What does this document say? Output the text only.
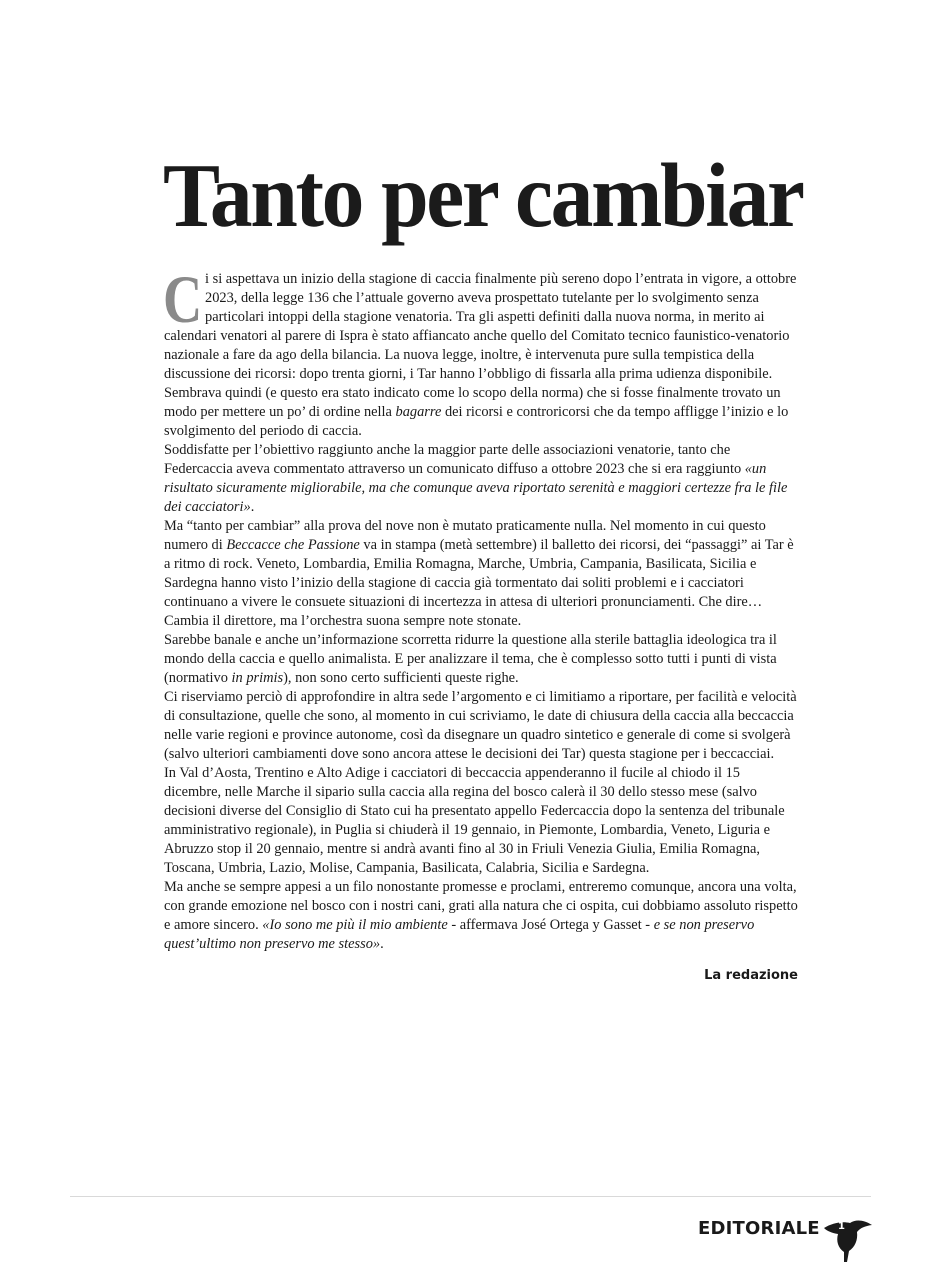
Tanto per cambiar

Ci si aspettava un inizio della stagione di caccia finalmente più sereno dopo l’entrata in vigore, a ottobre 2023, della legge 136 che l’attuale governo aveva prospettato tutelante per lo svolgimento senza particolari intoppi della stagione venatoria. Tra gli aspetti definiti dalla nuova norma, in merito ai calendari venatori al parere di Ispra è stato affiancato anche quello del Comitato tecnico faunistico-venatorio nazionale a fare da ago della bilancia. La nuova legge, inoltre, è intervenuta pure sulla tempistica della discussione dei ricorsi: dopo trenta giorni, i Tar hanno l’obbligo di fissarla alla prima udienza disponibile. Sembrava quindi (e questo era stato indicato come lo scopo della norma) che si fosse finalmente trovato un modo per mettere un po’ di ordine nella bagarre dei ricorsi e controricorsi che da tempo affligge l’inizio e lo svolgimento del periodo di caccia.

Soddisfatte per l’obiettivo raggiunto anche la maggior parte delle associazioni venatorie, tanto che Federcaccia aveva commentato attraverso un comunicato diffuso a ottobre 2023 che si era raggiunto «un risultato sicuramente migliorabile, ma che comunque aveva riportato serenità e maggiori certezze fra le file dei cacciatori».

Ma “tanto per cambiar” alla prova del nove non è mutato praticamente nulla. Nel momento in cui questo numero di Beccacce che Passione va in stampa (metà settembre) il balletto dei ricorsi, dei “passaggi” ai Tar è a ritmo di rock. Veneto, Lombardia, Emilia Romagna, Marche, Umbria, Campania, Basilicata, Sicilia e Sardegna hanno visto l’inizio della stagione di caccia già tormentato dai soliti problemi e i cacciatori continuano a vivere le consuete situazioni di incertezza in attesa di ulteriori pronunciamenti. Che dire… Cambia il direttore, ma l’orchestra suona sempre note stonate.

Sarebbe banale e anche un’informazione scorretta ridurre la questione alla sterile battaglia ideologica tra il mondo della caccia e quello animalista. E per analizzare il tema, che è complesso sotto tutti i punti di vista (normativo in primis), non sono certo sufficienti queste righe.

Ci riserviamo perciò di approfondire in altra sede l’argomento e ci limitiamo a riportare, per facilità e velocità di consultazione, quelle che sono, al momento in cui scriviamo, le date di chiusura della caccia alla beccaccia nelle varie regioni e province autonome, così da disegnare un quadro sintetico e generale di come si svolgerà (salvo ulteriori cambiamenti dove sono ancora attese le decisioni dei Tar) questa stagione per i beccacciai.

In Val d’Aosta, Trentino e Alto Adige i cacciatori di beccaccia appenderanno il fucile al chiodo il 15 dicembre, nelle Marche il sipario sulla caccia alla regina del bosco calerà il 30 dello stesso mese (salvo decisioni diverse del Consiglio di Stato cui ha presentato appello Federcaccia dopo la sentenza del tribunale amministrativo regionale), in Puglia si chiuderà il 19 gennaio, in Piemonte, Lombardia, Veneto, Liguria e Abruzzo stop il 20 gennaio, mentre si andrà avanti fino al 30 in Friuli Venezia Giulia, Emilia Romagna, Toscana, Umbria, Lazio, Molise, Campania, Basilicata, Calabria, Sicilia e Sardegna.

Ma anche se sempre appesi a un filo nonostante promesse e proclami, entreremo comunque, ancora una volta, con grande emozione nel bosco con i nostri cani, grati alla natura che ci ospita, cui dobbiamo assoluto rispetto e amore sincero. «Io sono me più il mio ambiente - affermava José Ortega y Gasset - e se non preservo quest’ultimo non preservo me stesso».

La redazione

EDITORIALE 1
